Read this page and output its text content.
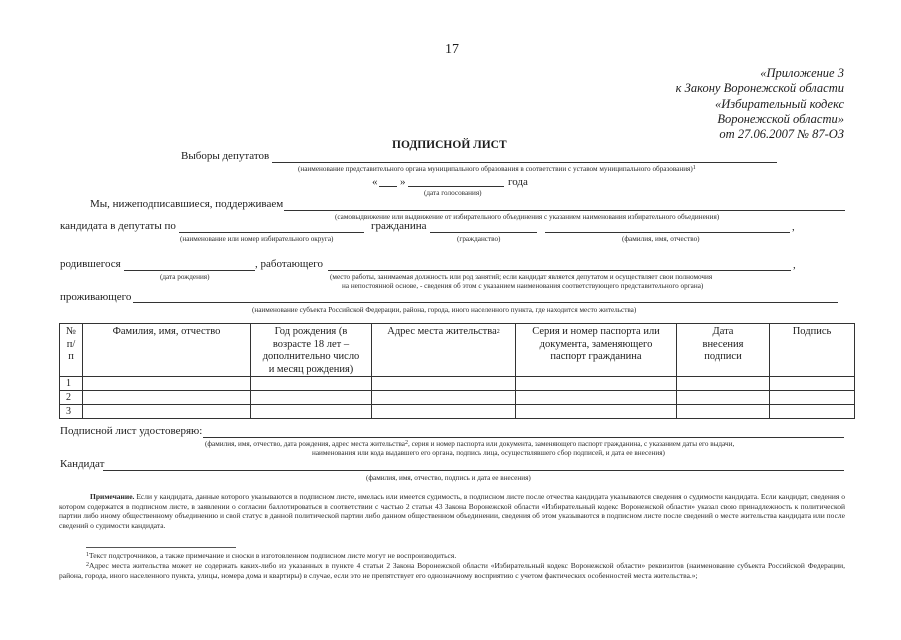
17
«Приложение 3
к Закону Воронежской области
«Избирательный кодекс
Воронежской области»
от 27.06.2007 № 87-ОЗ
ПОДПИСНОЙ ЛИСТ
Выборы депутатов
(наименование представительного органа муниципального образования в соответствии с уставом муниципального образования)$^1$
« »	года
(дата голосования)
Мы, нижеподписавшиеся, поддерживаем
(самовыдвижение или выдвижение от избирательного объединения с указанием наименования избирательного объединения)
кандидата в депутаты по
(наименование или номер избирательного округа)
гражданина
(гражданство)
,
(фамилия, имя, отчество)
родившегося
(дата рождения)
, работающего	,
(место работы, занимаемая должность или род занятий; если кандидат является депутатом и осуществляет свои полномочия
на непостоянной основе, - сведения об этом с указанием наименования соответствующего представительного органа)
проживающего
(наименование субъекта Российской Федерации, района, города, иного населенного пункта, где находится место жительства)
№ п/п	Фамилия, имя, отчество	Год рождения (в возрасте 18 лет – дополнительно число и месяц рождения)	Адрес места жительства$^2$	Серия и номер паспорта или документа, заменяющего паспорт гражданина	Дата внесения подписи	Подпись
1						
2						
3						
Подписной лист удостоверяю:
(фамилия, имя, отчество, дата рождения, адрес места жительства$^2$, серия и номер паспорта или документа, заменяющего паспорт гражданина, с указанием даты его выдачи,
наименования или кода выдавшего его органа, подпись лица, осуществлявшего сбор подписей, и дата ее внесения)
Кандидат
(фамилия, имя, отчество, подпись и дата ее внесения)
Примечание. Если у кандидата, данные которого указываются в подписном листе, имелась или имеется судимость, в подписном листе после отчества кандидата указываются сведения о судимости кандидата. Если кандидат, сведения о котором содержатся в подписном листе, в заявлении о согласии баллотироваться в соответствии с частью 2 статьи 43 Закона Воронежской области «Избирательный кодекс Воронежской области» указал свою принадлежность к политической партии либо иному общественному объединению и свой статус в данной политической партии либо данном общественном объединении, сведения об этом указываются в подписном листе после сведений о месте жительства кандидата или после сведений о судимости кандидата.
$^1$Текст подстрочников, а также примечание и сноски в изготовленном подписном листе могут не воспроизводиться.
$^2$Адрес места жительства может не содержать каких-либо из указанных в пункте 4 статьи 2 Закона Воронежской области «Избирательный кодекс Воронежской области» реквизитов (наименование субъекта Российской Федерации, района, города, иного населенного пункта, улицы, номера дома и квартиры) в случае, если это не препятствует его однозначному восприятию с учетом фактических особенностей места жительства.»;
